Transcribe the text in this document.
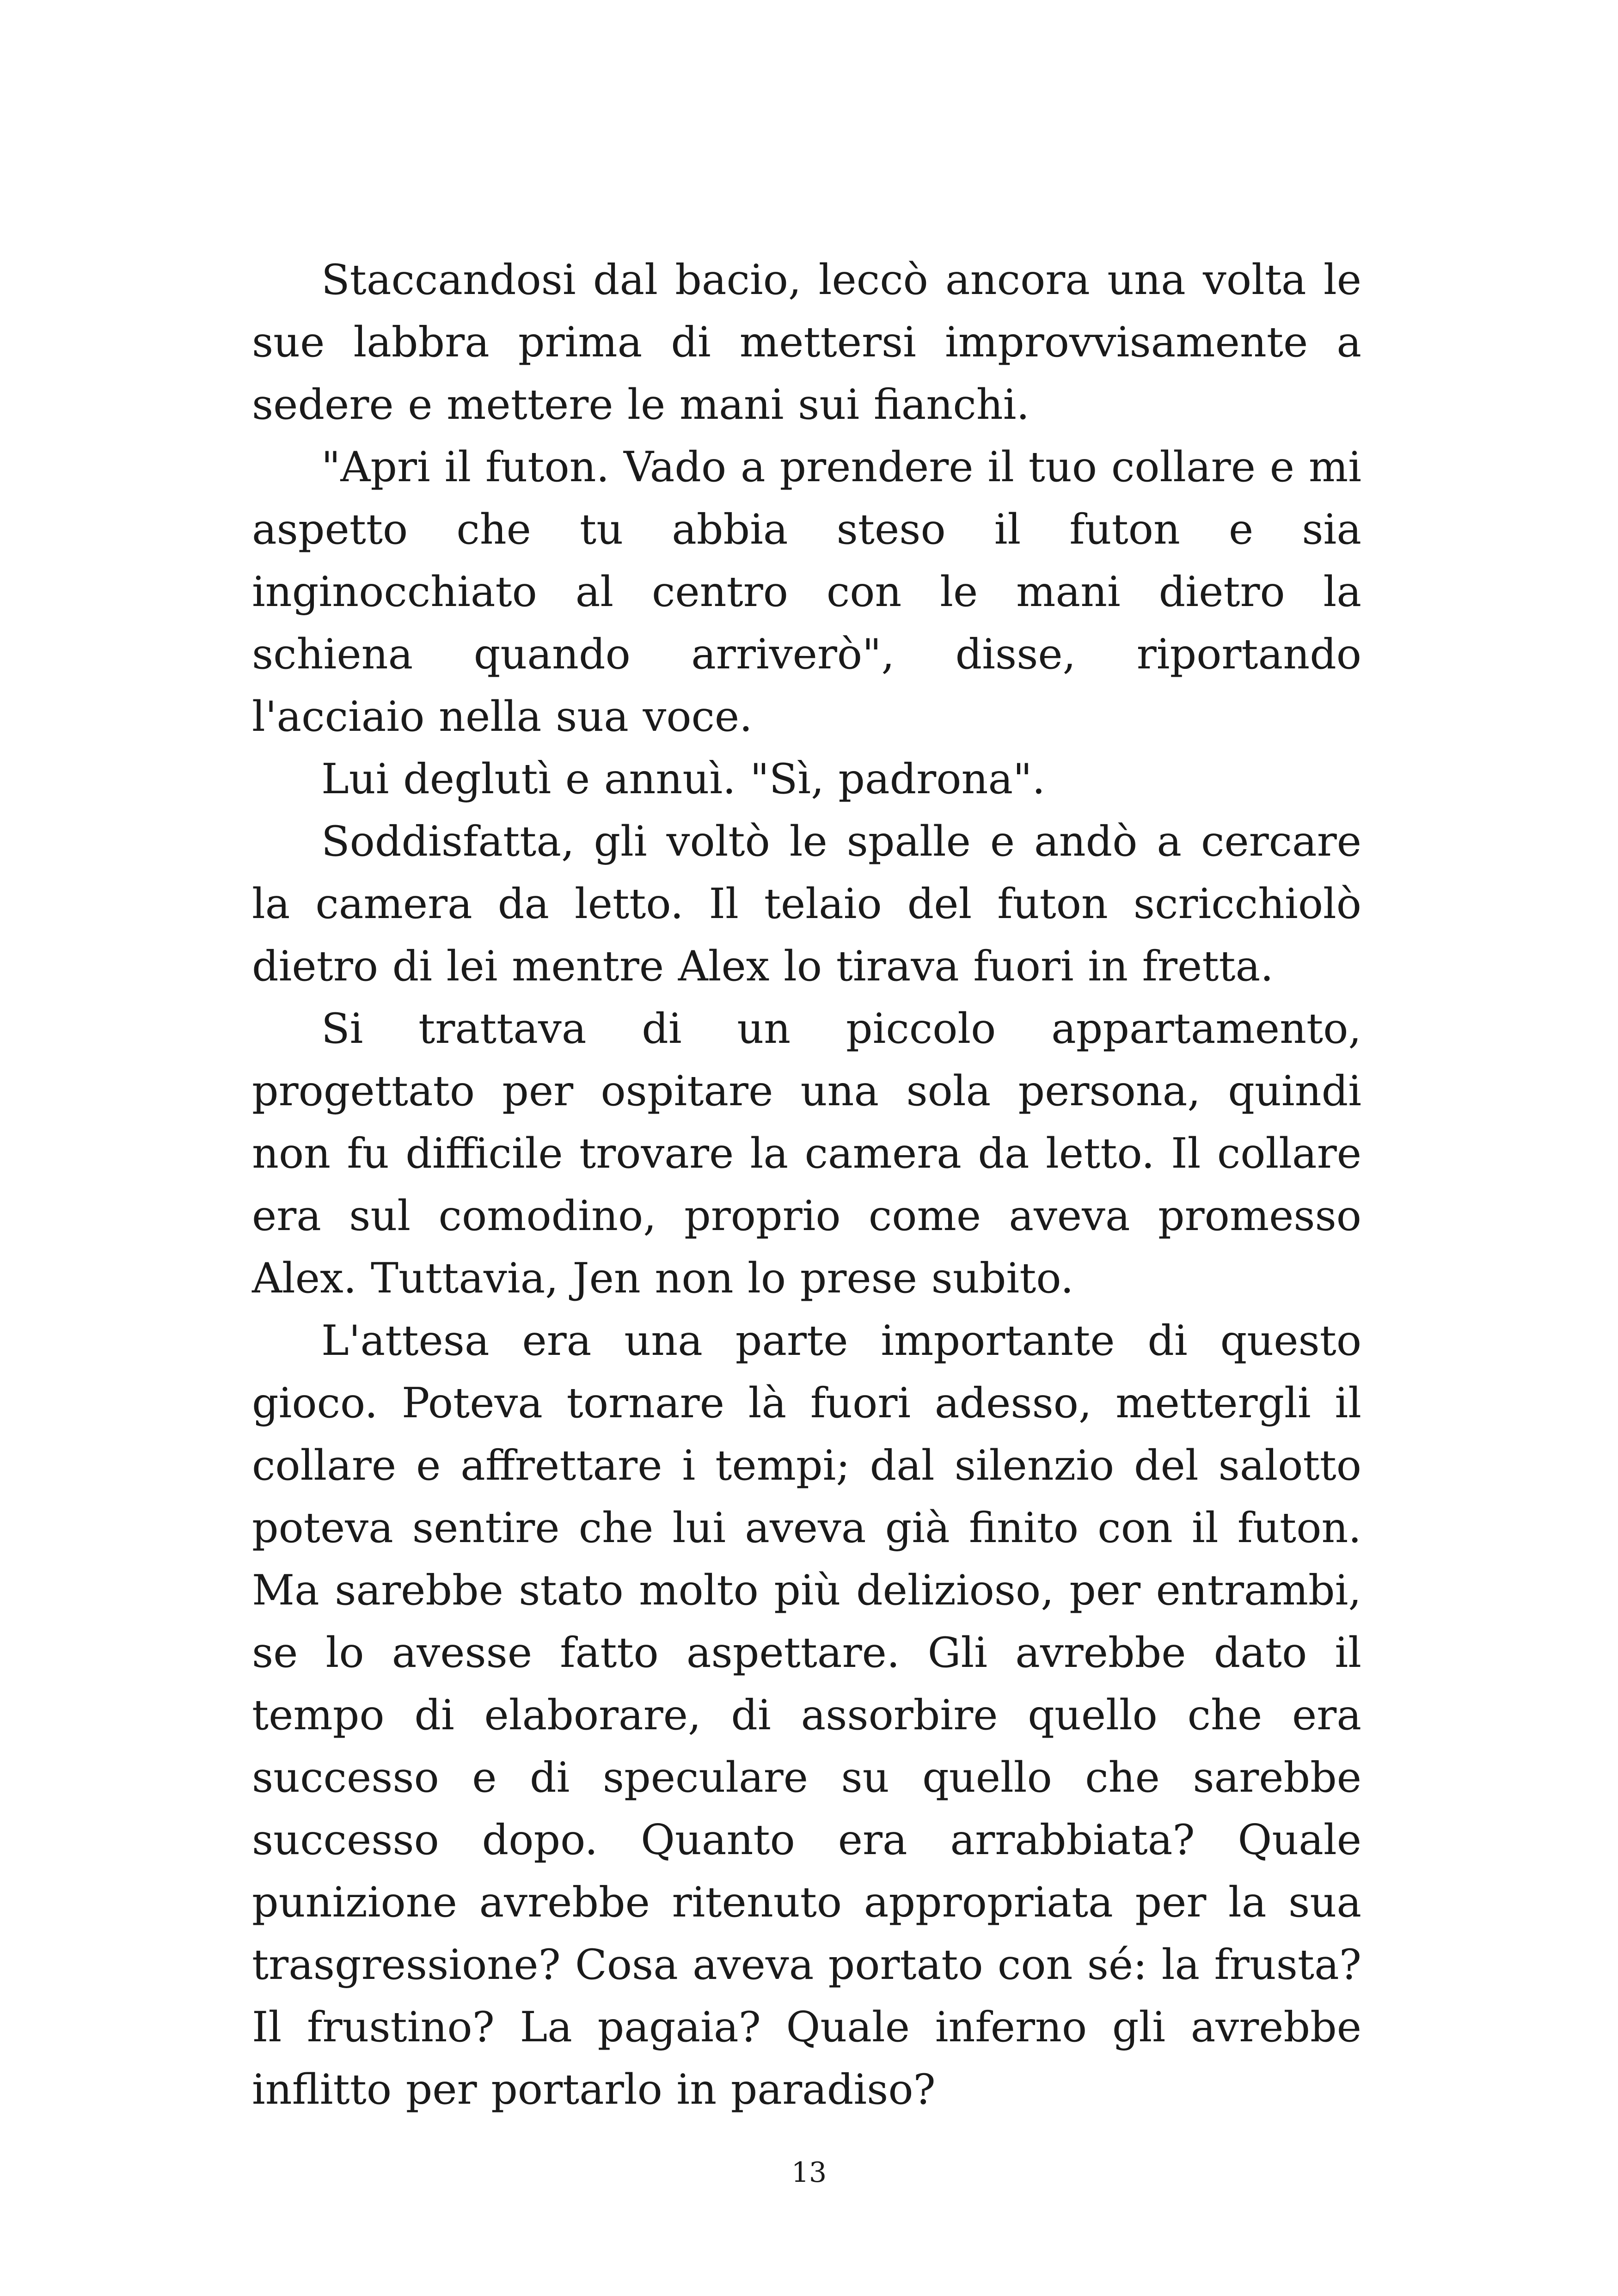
Staccandosi dal bacio, leccò ancora una volta le sue labbra prima di mettersi improvvisamente a sedere e mettere le mani sui fianchi.

"Apri il futon. Vado a prendere il tuo collare e mi aspetto che tu abbia steso il futon e sia inginocchiato al centro con le mani dietro la schiena quando arriverò", disse, riportando l'acciaio nella sua voce.

Lui deglutì e annuì. "Sì, padrona".

Soddisfatta, gli voltò le spalle e andò a cercare la camera da letto. Il telaio del futon scricchiolò dietro di lei mentre Alex lo tirava fuori in fretta.

Si trattava di un piccolo appartamento, progettato per ospitare una sola persona, quindi non fu difficile trovare la camera da letto. Il collare era sul comodino, proprio come aveva promesso Alex. Tuttavia, Jen non lo prese subito.

L'attesa era una parte importante di questo gioco. Poteva tornare là fuori adesso, mettergli il collare e affrettare i tempi; dal silenzio del salotto poteva sentire che lui aveva già finito con il futon. Ma sarebbe stato molto più delizioso, per entrambi, se lo avesse fatto aspettare. Gli avrebbe dato il tempo di elaborare, di assorbire quello che era successo e di speculare su quello che sarebbe successo dopo. Quanto era arrabbiata? Quale punizione avrebbe ritenuto appropriata per la sua trasgressione? Cosa aveva portato con sé: la frusta? Il frustino? La pagaia? Quale inferno gli avrebbe inflitto per portarlo in paradiso?

13
